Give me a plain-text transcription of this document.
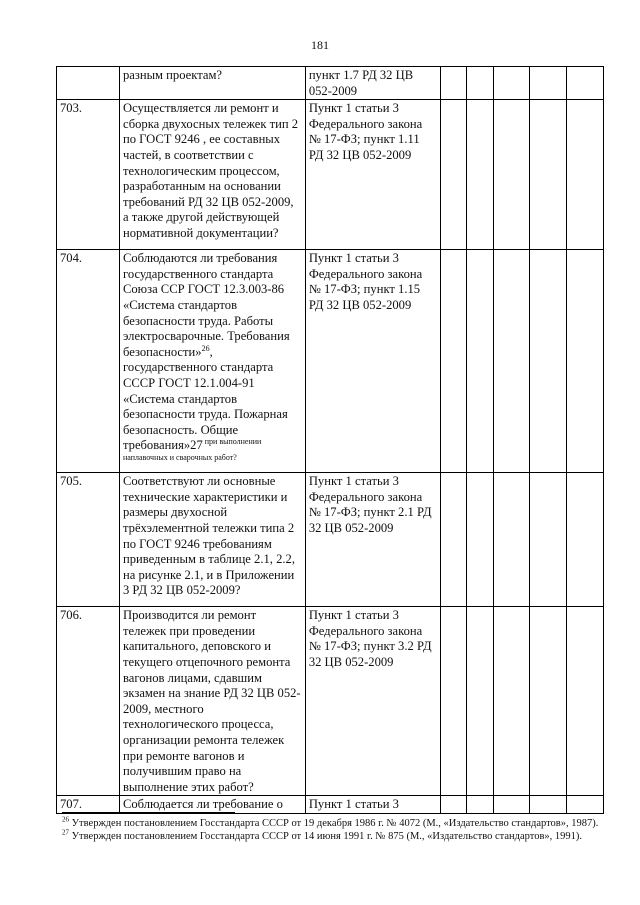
181
	разным проектам?	пункт 1.7 РД 32 ЦВ 052-2009					
703.	Осуществляется ли ремонт и сборка двухосных тележек тип 2 по ГОСТ 9246 , ее составных частей, в соответствии с технологическим процессом, разработанным на основании требований РД 32 ЦВ 052-2009, а также другой действующей нормативной документации?	Пункт 1 статьи 3 Федерального закона № 17-ФЗ; пункт 1.11 РД 32 ЦВ 052-2009					
704.	Соблюдаются ли требования государственного стандарта Союза ССР ГОСТ 12.3.003-86 «Система стандартов безопасности труда. Работы электросварочные. Требования безопасности»$^{26}$, государственного стандарта СССР ГОСТ 12.1.004-91 «Система стандартов безопасности труда. Пожарная безопасность. Общие требования»27 $^{при выполнении наплавочных и сварочных работ?}$	Пункт 1 статьи 3 Федерального закона № 17-ФЗ; пункт 1.15 РД 32 ЦВ 052-2009					
705.	Соответствуют ли основные технические характеристики и размеры двухосной трёхэлементной тележки типа 2 по ГОСТ 9246 требованиям приведенным в таблице 2.1, 2.2, на рисунке 2.1, и в Приложении 3 РД 32 ЦВ 052-2009?	Пункт 1 статьи 3 Федерального закона № 17-ФЗ; пункт 2.1 РД 32 ЦВ 052-2009					
706.	Производится ли ремонт тележек при проведении капитального, деповского и текущего отцепочного ремонта вагонов лицами, сдавшим экзамен на знание РД 32 ЦВ 052-2009, местного технологического процесса, организации ремонта тележек при ремонте вагонов и получившим право на выполнение этих работ?	Пункт 1 статьи 3 Федерального закона № 17-ФЗ; пункт 3.2 РД 32 ЦВ 052-2009					
707.	Соблюдается ли требование о	Пункт 1 статьи 3					
$^{26}$ Утвержден постановлением Госстандарта СССР от 19 декабря 1986 г. № 4072 (М., «Издательство стандартов», 1987).
$^{27}$ Утвержден постановлением Госстандарта СССР от 14 июня 1991 г. № 875 (М., «Издательство стандартов», 1991).
